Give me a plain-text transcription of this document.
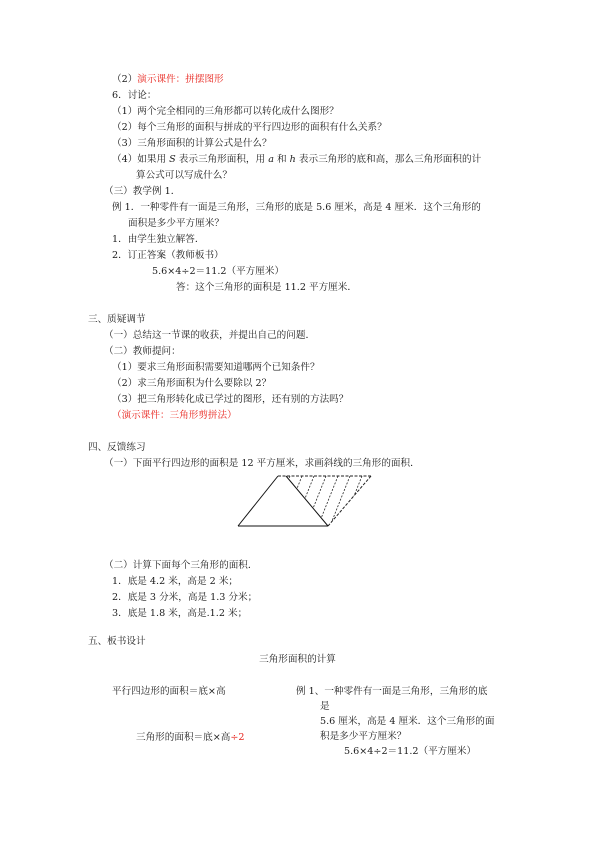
（2）演示课件：拼摆图形
6．讨论：
（1）两个完全相同的三角形都可以转化成什么图形？
（2）每个三角形的面积与拼成的平行四边形的面积有什么关系？
（3）三角形面积的计算公式是什么？
（4）如果用 S 表示三角形面积，用 a 和 h 表示三角形的底和高，那么三角形面积的计
算公式可以写成什么？
（三）教学例 1．
例 1．一种零件有一面是三角形，三角形的底是 5.6 厘米，高是 4 厘米．这个三角形的
面积是多少平方厘米？
1．由学生独立解答．
2．订正答案（教师板书）
5.6×4÷2＝11.2（平方厘米）
答：这个三角形的面积是 11.2 平方厘米．
三、质疑调节
（一）总结这一节课的收获，并提出自己的问题．
（二）教师提问：
（1）要求三角形面积需要知道哪两个已知条件？
（2）求三角形面积为什么要除以 2？
（3）把三角形转化成已学过的图形，还有别的方法吗？
（演示课件：三角形剪拼法）
四、反馈练习
（一）下面平行四边形的面积是 12 平方厘米，求画斜线的三角形的面积．
（二）计算下面每个三角形的面积．
1．底是 4.2 米，高是 2 米；
2．底是 3 分米，高是 1.3 分米；
3．底是 1.8 米，高是.1.2 米；
五、板书设计
三角形面积的计算
平行四边形的面积＝底×高
三角形的面积＝底×高÷2
例 1、一种零件有一面是三角形，三角形的底
是
5.6 厘米，高是 4 厘米．这个三角形的面
积是多少平方厘米？
5.6×4÷2＝11.2（平方厘米）
